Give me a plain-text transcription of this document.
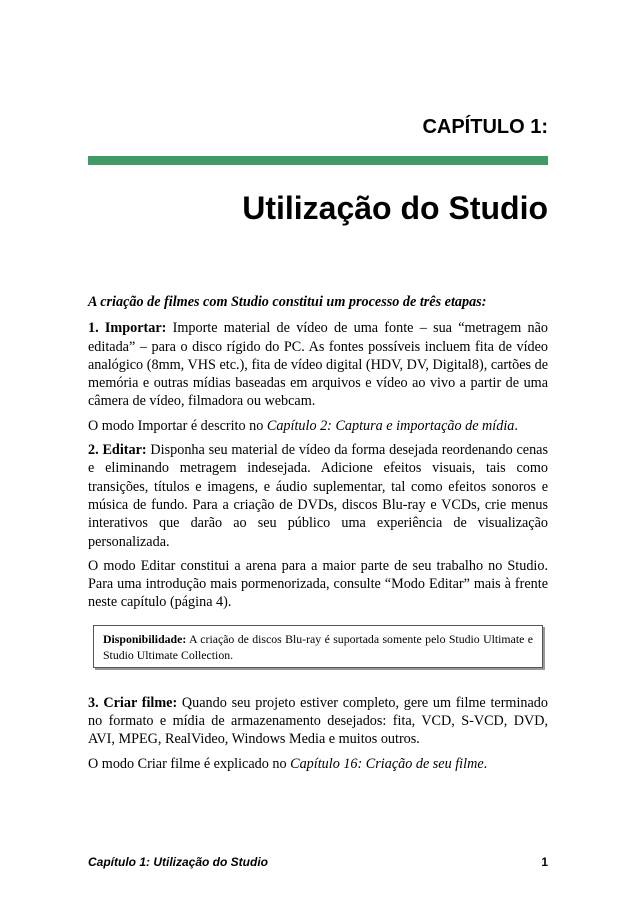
CAPÍTULO 1:
Utilização do Studio

A criação de filmes com Studio constitui um processo de três etapas:

1. Importar: Importe material de vídeo de uma fonte – sua “metragem não editada” – para o disco rígido do PC. As fontes possíveis incluem fita de vídeo analógico (8mm, VHS etc.), fita de vídeo digital (HDV, DV, Digital8), cartões de memória e outras mídias baseadas em arquivos e vídeo ao vivo a partir de uma câmera de vídeo, filmadora ou webcam.

O modo Importar é descrito no Capítulo 2: Captura e importação de mídia.

2. Editar: Disponha seu material de vídeo da forma desejada reordenando cenas e eliminando metragem indesejada. Adicione efeitos visuais, tais como transições, títulos e imagens, e áudio suplementar, tal como efeitos sonoros e música de fundo. Para a criação de DVDs, discos Blu-ray e VCDs, crie menus interativos que darão ao seu público uma experiência de visualização personalizada.

O modo Editar constitui a arena para a maior parte de seu trabalho no Studio. Para uma introdução mais pormenorizada, consulte “Modo Editar” mais à frente neste capítulo (página 4).

Disponibilidade: A criação de discos Blu-ray é suportada somente pelo Studio Ultimate e Studio Ultimate Collection.

3. Criar filme: Quando seu projeto estiver completo, gere um filme terminado no formato e mídia de armazenamento desejados: fita, VCD, S-VCD, DVD, AVI, MPEG, RealVideo, Windows Media e muitos outros.

O modo Criar filme é explicado no Capítulo 16: Criação de seu filme.

Capítulo 1: Utilização do Studio	1
